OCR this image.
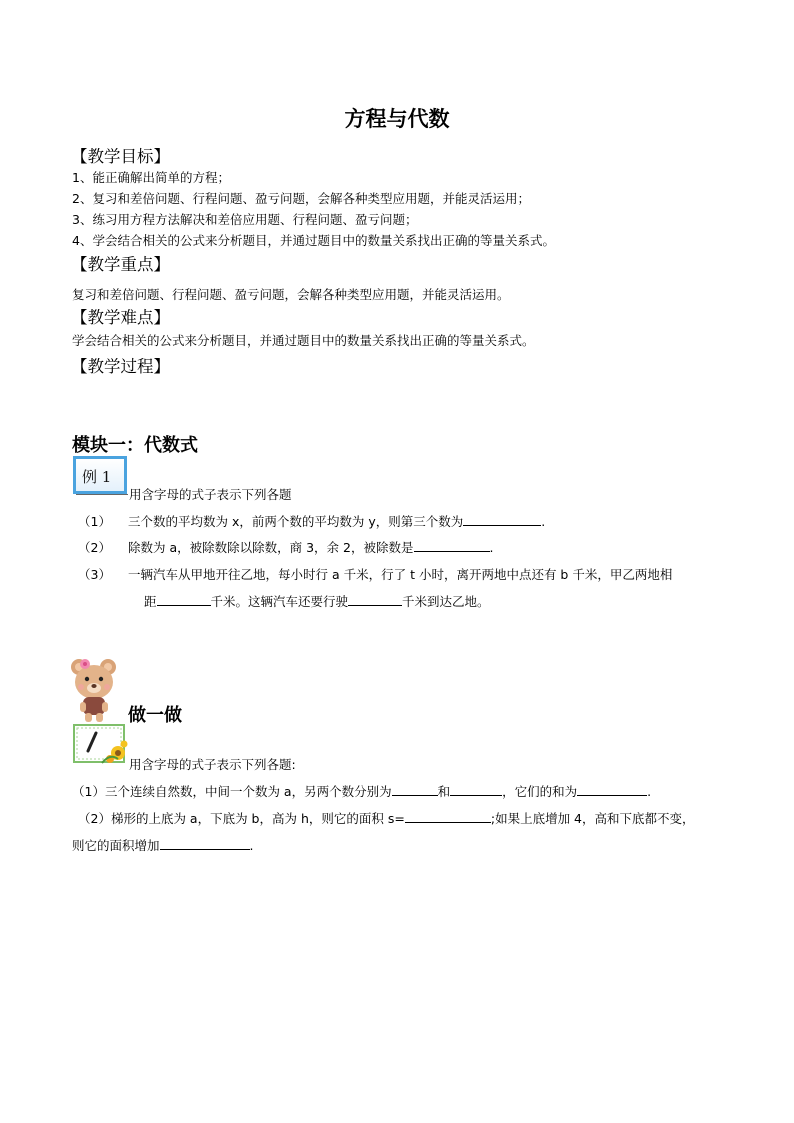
方程与代数
【教学目标】
1、能正确解出简单的方程；
2、复习和差倍问题、行程问题、盈亏问题，会解各种类型应用题，并能灵活运用；
3、练习用方程方法解决和差倍应用题、行程问题、盈亏问题；
4、学会结合相关的公式来分析题目，并通过题目中的数量关系找出正确的等量关系式。
【教学重点】
复习和差倍问题、行程问题、盈亏问题，会解各种类型应用题，并能灵活运用。
【教学难点】
学会结合相关的公式来分析题目，并通过题目中的数量关系找出正确的等量关系式。
【教学过程】
模块一：代数式
例 1
用含字母的式子表示下列各题
（1） 三个数的平均数为 x，前两个数的平均数为 y，则第三个数为	.
（2） 除数为 a，被除数除以除数，商 3，余 2，被除数是	.
（3） 一辆汽车从甲地开往乙地，每小时行 a 千米，行了 t 小时，离开两地中点还有 b 千米，甲乙两地相
距	千米。这辆汽车还要行驶	千米到达乙地。
做一做
用含字母的式子表示下列各题:
（1）三个连续自然数，中间一个数为 a，另两个数分别为	和	，它们的和为	.
（2）梯形的上底为 a，下底为 b，高为 h，则它的面积 s=	;如果上底增加 4，高和下底都不变，
则它的面积增加	.
